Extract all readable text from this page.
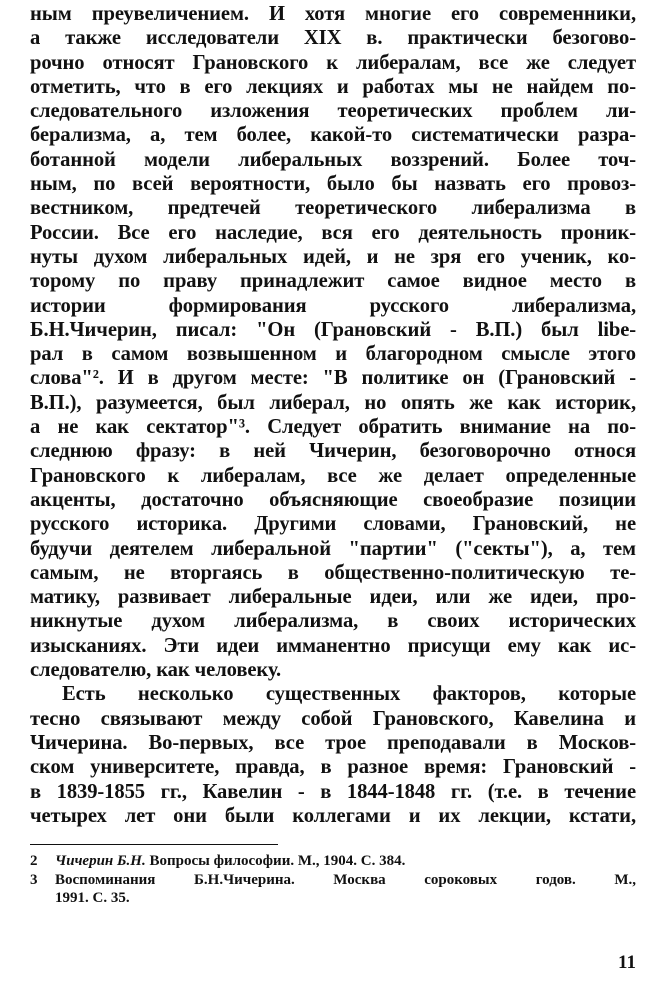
ным преувеличением. И хотя многие его современники,
а также исследователи XIX в. практически безогово-
рочно относят Грановского к либералам, все же следует
отметить, что в его лекциях и работах мы не найдем по-
следовательного изложения теоретических проблем ли-
берализма, а, тем более, какой-то систематически разра-
ботанной модели либеральных воззрений. Более точ-
ным, по всей вероятности, было бы назвать его провоз-
вестником, предтечей теоретического либерализма в
России. Все его наследие, вся его деятельность проник-
нуты духом либеральных идей, и не зря его ученик, ко-
торому по праву принадлежит самое видное место в
истории формирования русского либерализма,
Б.Н.Чичерин, писал: "Он (Грановский - В.П.) был libe-
рал в самом возвышенном и благородном смысле этого
слова"². И в другом месте: "В политике он (Грановский -
В.П.), разумеется, был либерал, но опять же как историк,
а не как сектатор"³. Следует обратить внимание на по-
следнюю фразу: в ней Чичерин, безоговорочно относя
Грановского к либералам, все же делает определенные
акценты, достаточно объясняющие своеобразие позиции
русского историка. Другими словами, Грановский, не
будучи деятелем либеральной "партии" ("секты"), а, тем
самым, не вторгаясь в общественно-политическую те-
матику, развивает либеральные идеи, или же идеи, про-
никнутые духом либерализма, в своих исторических
изысканиях. Эти идеи имманентно присущи ему как ис-
следователю, как человеку.
Есть несколько существенных факторов, которые
тесно связывают между собой Грановского, Кавелина и
Чичерина. Во-первых, все трое преподавали в Москов-
ском университете, правда, в разное время: Грановский -
в 1839-1855 гг., Кавелин - в 1844-1848 гг. (т.е. в течение
четырех лет они были коллегами и их лекции, кстати,
2	Чичерин Б.Н. Вопросы философии. М., 1904. С. 384.
3	Воспоминания Б.Н.Чичерина. Москва сороковых годов. М.,
1991. С. 35.
11
